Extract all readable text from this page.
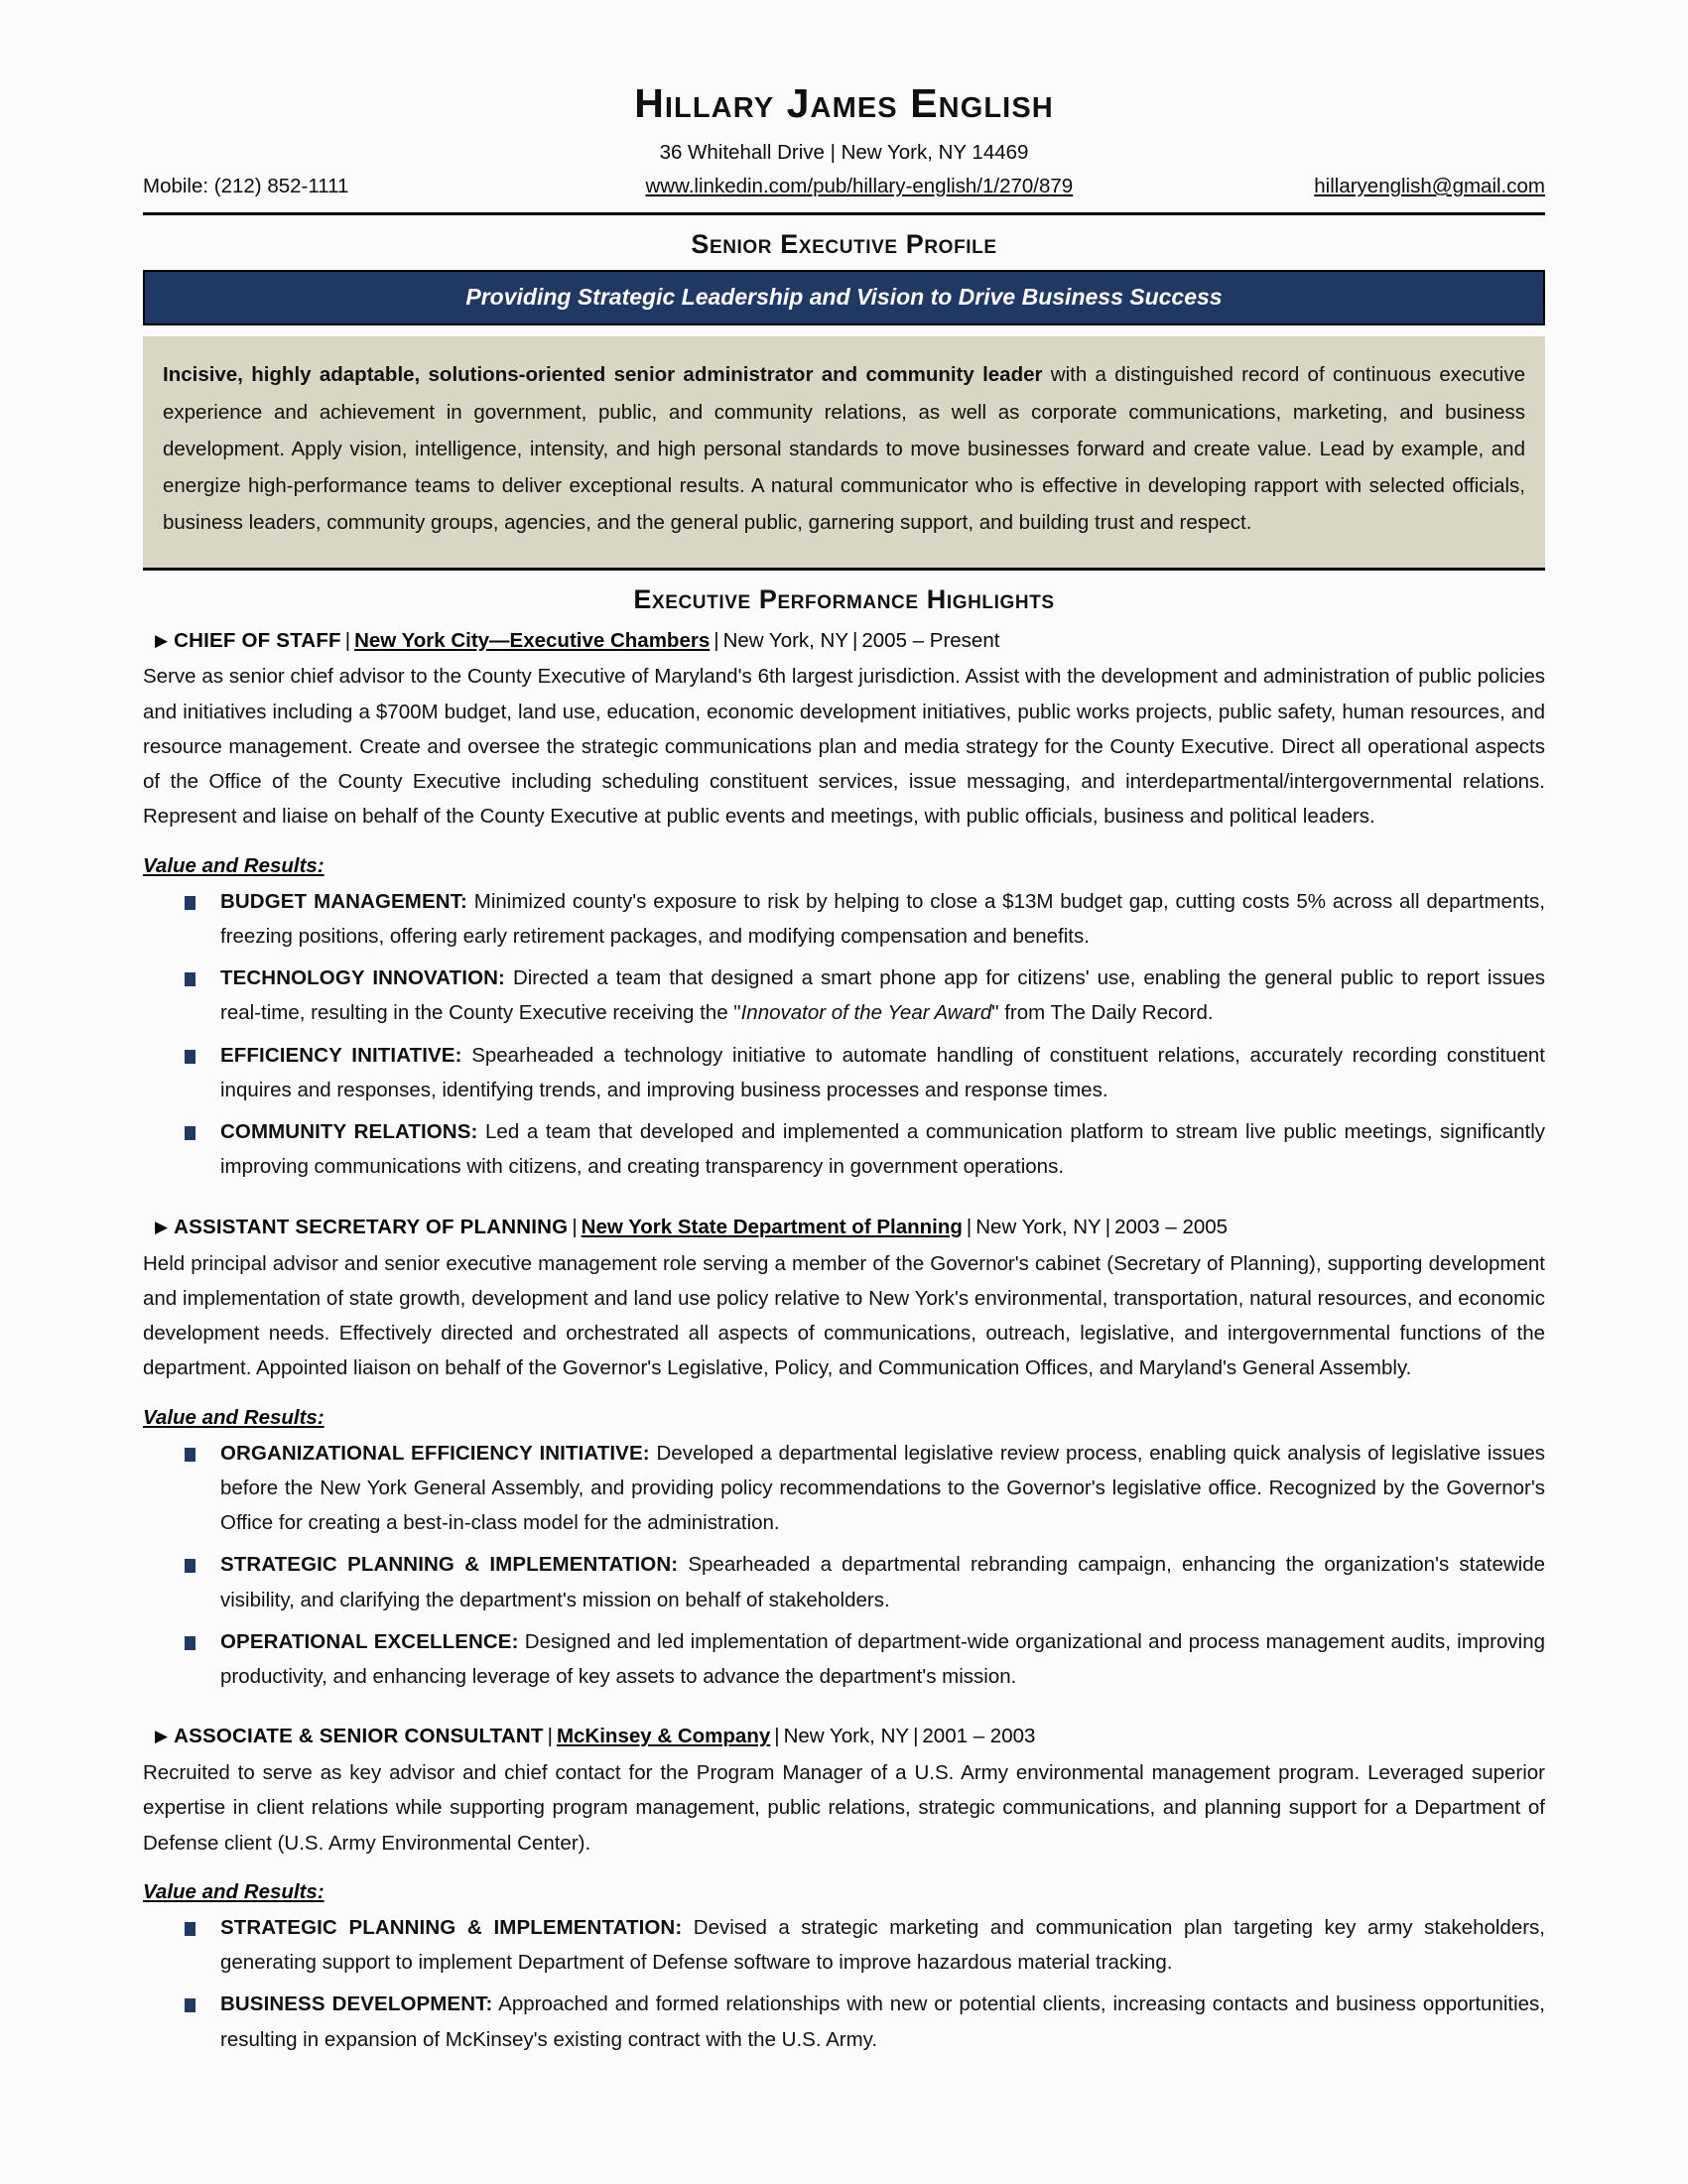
Hillary James English
36 Whitehall Drive | New York, NY 14469
Mobile: (212) 852-1111	www.linkedin.com/pub/hillary-english/1/270/879	hillaryenglish@gmail.com
Senior Executive Profile
Providing Strategic Leadership and Vision to Drive Business Success
Incisive, highly adaptable, solutions-oriented senior administrator and community leader with a distinguished record of continuous executive experience and achievement in government, public, and community relations, as well as corporate communications, marketing, and business development. Apply vision, intelligence, intensity, and high personal standards to move businesses forward and create value. Lead by example, and energize high-performance teams to deliver exceptional results. A natural communicator who is effective in developing rapport with selected officials, business leaders, community groups, agencies, and the general public, garnering support, and building trust and respect.
Executive Performance Highlights
▶ CHIEF OF STAFF | New York City—Executive Chambers | New York, NY | 2005 – Present

Serve as senior chief advisor to the County Executive of Maryland's 6th largest jurisdiction. Assist with the development and administration of public policies and initiatives including a $700M budget, land use, education, economic development initiatives, public works projects, public safety, human resources, and resource management. Create and oversee the strategic communications plan and media strategy for the County Executive. Direct all operational aspects of the Office of the County Executive including scheduling constituent services, issue messaging, and interdepartmental/intergovernmental relations. Represent and liaise on behalf of the County Executive at public events and meetings, with public officials, business and political leaders.

Value and Results:
BUDGET MANAGEMENT: Minimized county's exposure to risk by helping to close a $13M budget gap, cutting costs 5% across all departments, freezing positions, offering early retirement packages, and modifying compensation and benefits.
TECHNOLOGY INNOVATION: Directed a team that designed a smart phone app for citizens' use, enabling the general public to report issues real-time, resulting in the County Executive receiving the "Innovator of the Year Award" from The Daily Record.
EFFICIENCY INITIATIVE: Spearheaded a technology initiative to automate handling of constituent relations, accurately recording constituent inquires and responses, identifying trends, and improving business processes and response times.
COMMUNITY RELATIONS: Led a team that developed and implemented a communication platform to stream live public meetings, significantly improving communications with citizens, and creating transparency in government operations.
▶ ASSISTANT SECRETARY OF PLANNING | New York State Department of Planning | New York, NY | 2003 – 2005

Held principal advisor and senior executive management role serving a member of the Governor's cabinet (Secretary of Planning), supporting development and implementation of state growth, development and land use policy relative to New York's environmental, transportation, natural resources, and economic development needs. Effectively directed and orchestrated all aspects of communications, outreach, legislative, and intergovernmental functions of the department. Appointed liaison on behalf of the Governor's Legislative, Policy, and Communication Offices, and Maryland's General Assembly.

Value and Results:
ORGANIZATIONAL EFFICIENCY INITIATIVE: Developed a departmental legislative review process, enabling quick analysis of legislative issues before the New York General Assembly, and providing policy recommendations to the Governor's legislative office. Recognized by the Governor's Office for creating a best-in-class model for the administration.
STRATEGIC PLANNING & IMPLEMENTATION: Spearheaded a departmental rebranding campaign, enhancing the organization's statewide visibility, and clarifying the department's mission on behalf of stakeholders.
OPERATIONAL EXCELLENCE: Designed and led implementation of department-wide organizational and process management audits, improving productivity, and enhancing leverage of key assets to advance the department's mission.
▶ ASSOCIATE & SENIOR CONSULTANT | McKinsey & Company | New York, NY | 2001 – 2003

Recruited to serve as key advisor and chief contact for the Program Manager of a U.S. Army environmental management program. Leveraged superior expertise in client relations while supporting program management, public relations, strategic communications, and planning support for a Department of Defense client (U.S. Army Environmental Center).

Value and Results:
STRATEGIC PLANNING & IMPLEMENTATION: Devised a strategic marketing and communication plan targeting key army stakeholders, generating support to implement Department of Defense software to improve hazardous material tracking.
BUSINESS DEVELOPMENT: Approached and formed relationships with new or potential clients, increasing contacts and business opportunities, resulting in expansion of McKinsey's existing contract with the U.S. Army.
